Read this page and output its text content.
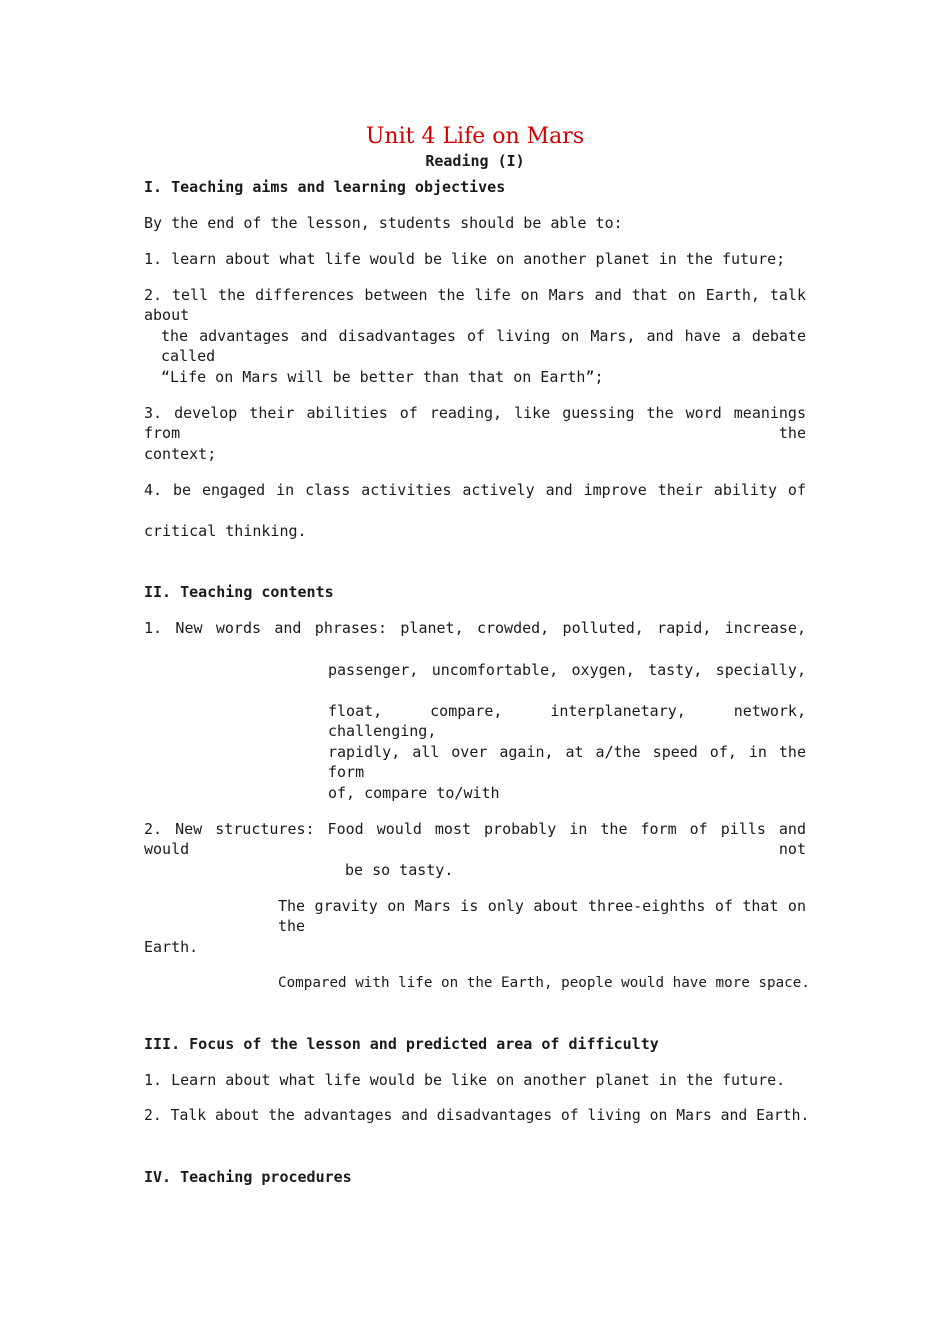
Unit 4 Life on Mars
Reading (I)
I. Teaching aims and learning objectives
By the end of the lesson, students should be able to:
1. learn about what life would be like on another planet in the future;
2. tell the differences between the life on Mars and that on Earth, talk about
the advantages and disadvantages of living on Mars, and have a debate called
“Life on Mars will be better than that on Earth”;
3. develop their abilities of reading, like guessing the word meanings from the
context;
4. be engaged in class activities actively and improve their ability of
critical thinking.
II. Teaching contents
1. New words and phrases: planet, crowded, polluted, rapid, increase,
passenger, uncomfortable, oxygen, tasty, specially,
float, compare, interplanetary, network, challenging,
rapidly, all over again, at a/the speed of, in the form
of, compare to/with
2. New structures: Food would most probably in the form of pills and would not
be so tasty.
The gravity on Mars is only about three-eighths of that on the
Earth.
Compared with life on the Earth, people would have more space.
III. Focus of the lesson and predicted area of difficulty
1. Learn about what life would be like on another planet in the future.
2. Talk about the advantages and disadvantages of living on Mars and Earth.
IV. Teaching procedures
